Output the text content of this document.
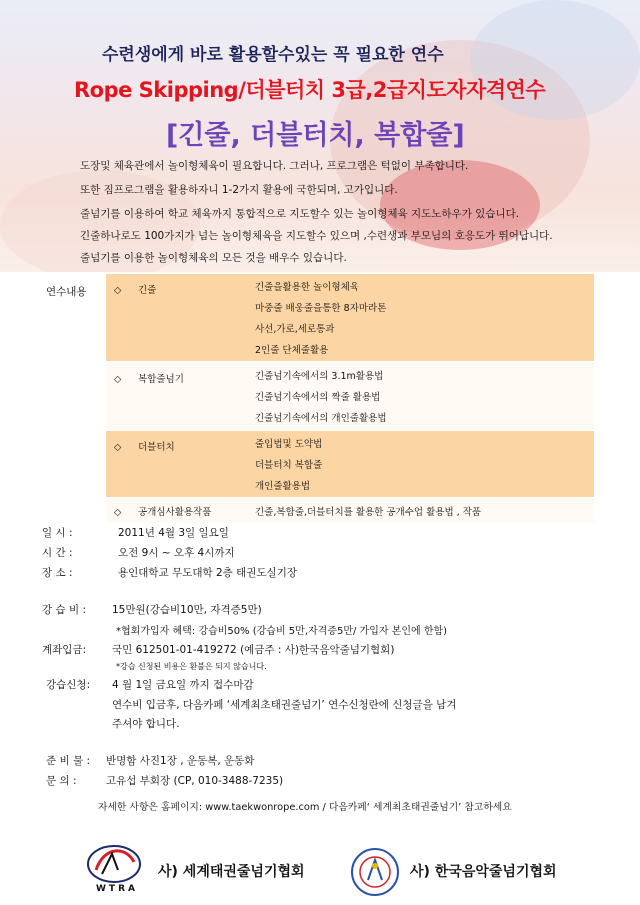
수련생에게 바로 활용할수있는 꼭 필요한 연수
Rope Skipping/더블터치 3급,2급지도자자격연수
[긴줄, 더블터치, 복합줄]
도장및 체육관에서 놀이형체육이 필요합니다. 그러나, 프로그램은 턱없이 부족합니다.
또한 짐프로그램을 활용하자니 1-2가지 활용에 국한되며, 고가입니다.
줄넘기를 이용하여 학교 체육까지 통합적으로 지도할수 있는 놀이형체육 지도노하우가 있습니다.
긴줄하나로도 100가지가 넘는 놀이형체육을 지도할수 있으며 ,수련생과 부모님의 호응도가 뛰어납니다.
줄넘기를 이용한 놀이형체육의 모든 것을 배우수 있습니다.
연수내용	◇ 긴줄	긴줄을활용한 놀이형체육
마중줄 배웅줄을통한 8자마라톤
사선,가로,세로통과
2인줄 단체줄활용

◇ 복합줄넘기	긴줄넘기속에서의 3.1m활용법
긴줄넘기속에서의 짝줄 활용법
긴줄넘기속에서의 개인줄활용법

◇ 더블터치	줄입법및 도약법
더블터치 복합줄
개인줄활용법

◇ 공개심사활용작품	긴줄,복합줄,더블터치를 활용한 공개수업 활용법 , 작품
일 시 :	2011년 4월 3일 일요일
시 간 :	오전 9시 ~ 오후 4시까지
장 소 :	용인대학교 무도대학 2층 태권도실기장
강 습 비 : 15만원(강습비10만, 자격증5만)
*협회가입자 혜택: 강습비50% (강습비 5만,자격증5만/ 가입자 본인에 한함)
계좌입금: 국민 612501-01-419272 (예금주 : 사)한국음악줄넘기협회)
*강습 신청된 비용은 환불은 되지 않습니다.
강습신청: 4 월 1일 금요일 까지 접수마감
연수비 입금후, 다음카페 ‘세계최초태권줄넘기’ 연수신청란에 신청글을 남겨
주셔야 합니다.
준 비 물 : 반명함 사진1장 , 운동복, 운동화
문 의 :	고유섭 부회장 (CP, 010-3488-7235)
자세한 사항은 홈페이지: www.taekwonrope.com / 다음카페‘ 세계최초태권줄넘기’ 참고하세요
WTRA
사) 세계태권줄넘기협회	사) 한국음악줄넘기협회
